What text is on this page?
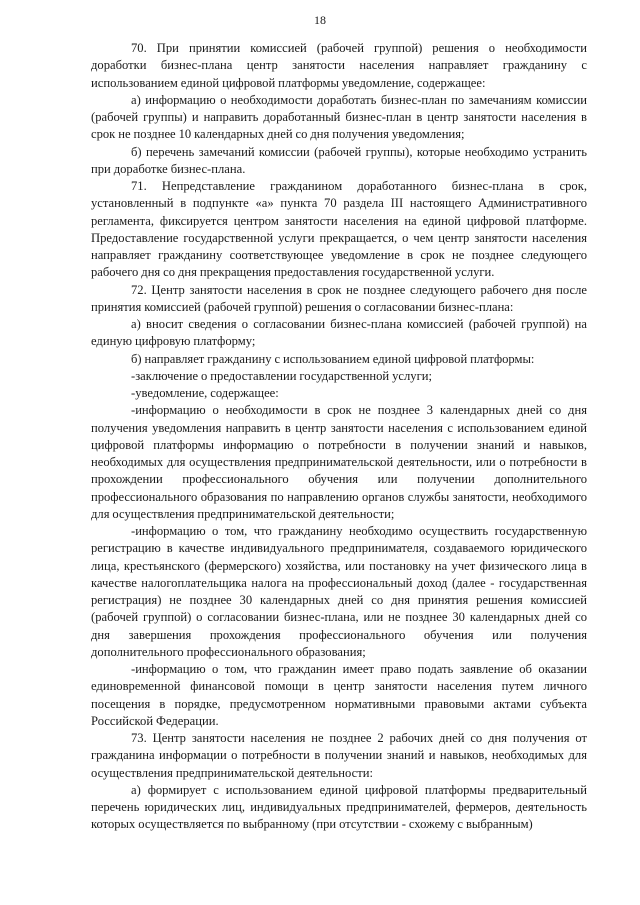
18

70. При принятии комиссией (рабочей группой) решения о необходимости доработки бизнес-плана центр занятости населения направляет гражданину с использованием единой цифровой платформы уведомление, содержащее:

а) информацию о необходимости доработать бизнес-план по замечаниям комиссии (рабочей группы) и направить доработанный бизнес-план в центр занятости населения в срок не позднее 10 календарных дней со дня получения уведомления;

б) перечень замечаний комиссии (рабочей группы), которые необходимо устранить при доработке бизнес-плана.

71. Непредставление гражданином доработанного бизнес-плана в срок, установленный в подпункте «а» пункта 70 раздела III настоящего Административного регламента, фиксируется центром занятости населения на единой цифровой платформе. Предоставление государственной услуги прекращается, о чем центр занятости населения направляет гражданину соответствующее уведомление в срок не позднее следующего рабочего дня со дня прекращения предоставления государственной услуги.

72. Центр занятости населения в срок не позднее следующего рабочего дня после принятия комиссией (рабочей группой) решения о согласовании бизнес-плана:

а) вносит сведения о согласовании бизнес-плана комиссией (рабочей группой) на единую цифровую платформу;

б) направляет гражданину с использованием единой цифровой платформы:

-заключение о предоставлении государственной услуги;

-уведомление, содержащее:

-информацию о необходимости в срок не позднее 3 календарных дней со дня получения уведомления направить в центр занятости населения с использованием единой цифровой платформы информацию о потребности в получении знаний и навыков, необходимых для осуществления предпринимательской деятельности, или о потребности в прохождении профессионального обучения или получении дополнительного профессионального образования по направлению органов службы занятости, необходимого для осуществления предпринимательской деятельности;

-информацию о том, что гражданину необходимо осуществить государственную регистрацию в качестве индивидуального предпринимателя, создаваемого юридического лица, крестьянского (фермерского) хозяйства, или постановку на учет физического лица в качестве налогоплательщика налога на профессиональный доход (далее - государственная регистрация) не позднее 30 календарных дней со дня принятия решения комиссией (рабочей группой) о согласовании бизнес-плана, или не позднее 30 календарных дней со дня завершения прохождения профессионального обучения или получения дополнительного профессионального образования;

-информацию о том, что гражданин имеет право подать заявление об оказании единовременной финансовой помощи в центр занятости населения путем личного посещения в порядке, предусмотренном нормативными правовыми актами субъекта Российской Федерации.

73. Центр занятости населения не позднее 2 рабочих дней со дня получения от гражданина информации о потребности в получении знаний и навыков, необходимых для осуществления предпринимательской деятельности:

а) формирует с использованием единой цифровой платформы предварительный перечень юридических лиц, индивидуальных предпринимателей, фермеров, деятельность которых осуществляется по выбранному (при отсутствии - схожему с выбранным)
